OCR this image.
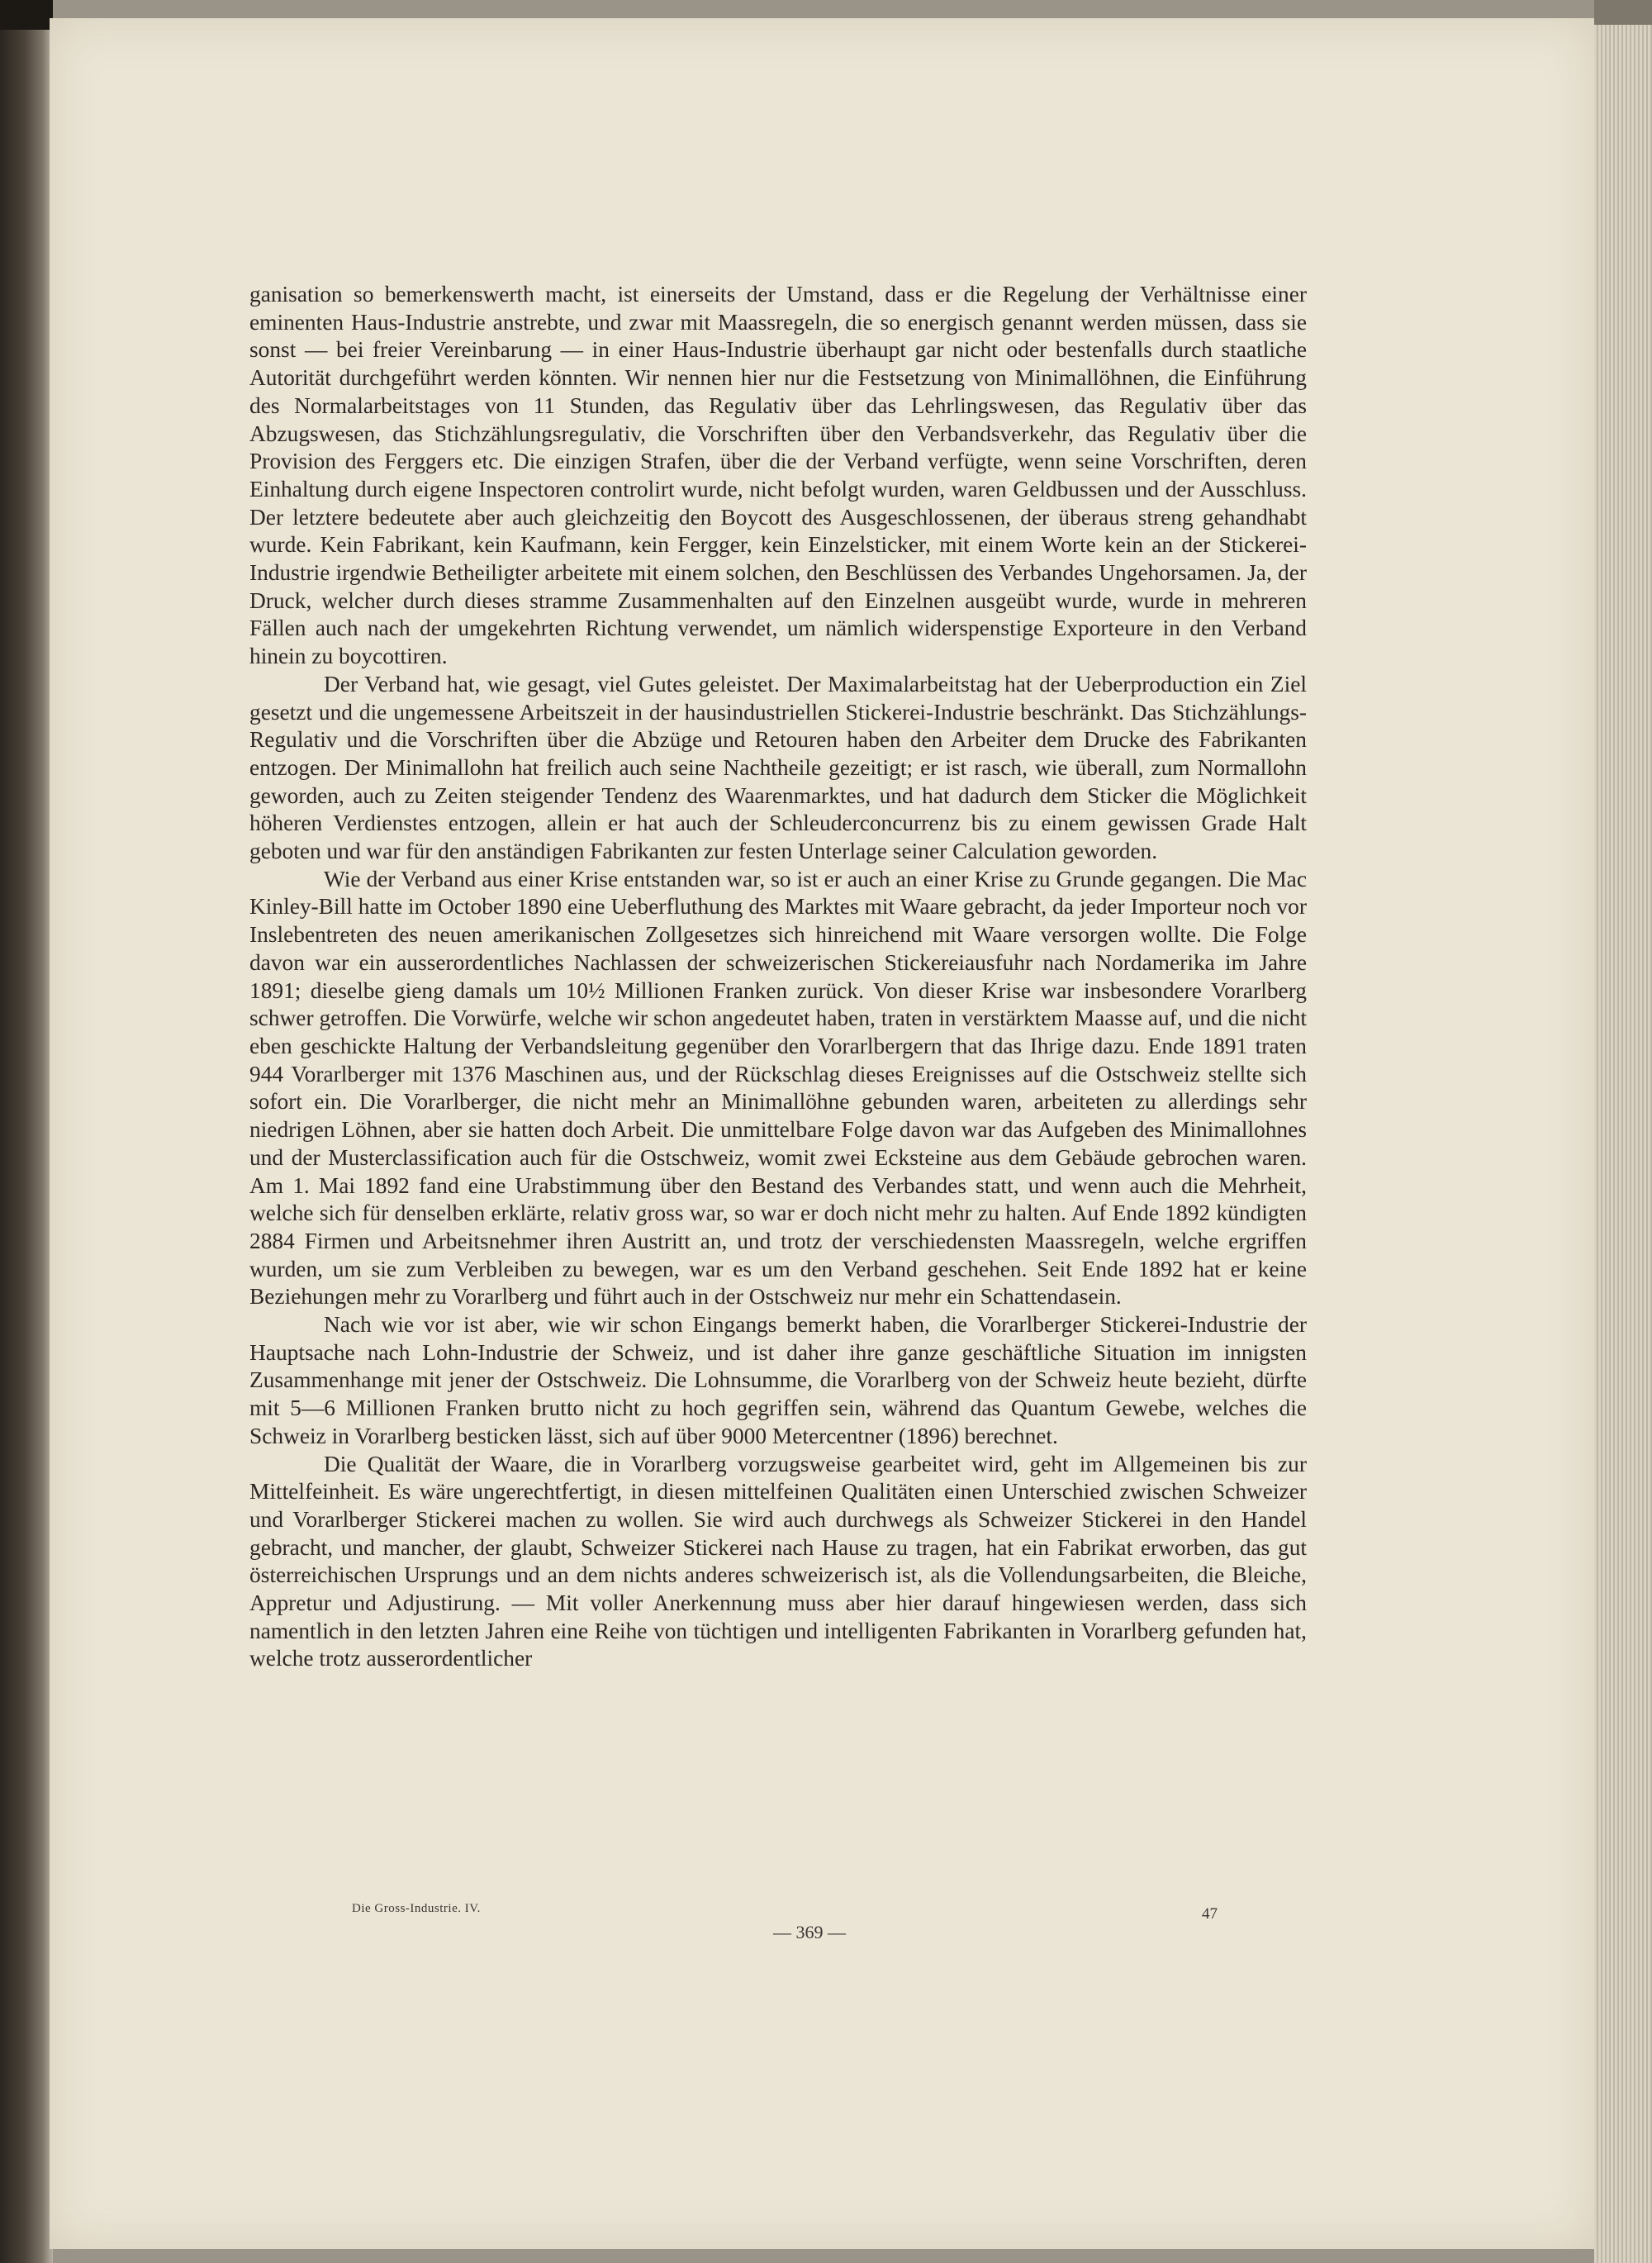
ganisation so bemerkenswerth macht, ist einerseits der Umstand, dass er die Regelung der Verhältnisse einer eminenten Haus-Industrie anstrebte, und zwar mit Maassregeln, die so energisch genannt werden müssen, dass sie sonst — bei freier Vereinbarung — in einer Haus-Industrie überhaupt gar nicht oder bestenfalls durch staatliche Autorität durchgeführt werden könnten. Wir nennen hier nur die Festsetzung von Minimallöhnen, die Einführung des Normalarbeitstages von 11 Stunden, das Regulativ über das Lehrlingswesen, das Regulativ über das Abzugswesen, das Stichzählungsregulativ, die Vorschriften über den Verbandsverkehr, das Regulativ über die Provision des Ferggers etc. Die einzigen Strafen, über die der Verband verfügte, wenn seine Vorschriften, deren Einhaltung durch eigene Inspectoren controlirt wurde, nicht befolgt wurden, waren Geldbussen und der Ausschluss. Der letztere bedeutete aber auch gleichzeitig den Boycott des Ausgeschlossenen, der überaus streng gehandhabt wurde. Kein Fabrikant, kein Kaufmann, kein Fergger, kein Einzelsticker, mit einem Worte kein an der Stickerei-Industrie irgendwie Betheiligter arbeitete mit einem solchen, den Beschlüssen des Verbandes Ungehorsamen. Ja, der Druck, welcher durch dieses stramme Zusammenhalten auf den Einzelnen ausgeübt wurde, wurde in mehreren Fällen auch nach der umgekehrten Richtung verwendet, um nämlich widerspenstige Exporteure in den Verband hinein zu boycottiren.

Der Verband hat, wie gesagt, viel Gutes geleistet. Der Maximalarbeitstag hat der Ueberproduction ein Ziel gesetzt und die ungemessene Arbeitszeit in der hausindustriellen Stickerei-Industrie beschränkt. Das Stichzählungs-Regulativ und die Vorschriften über die Abzüge und Retouren haben den Arbeiter dem Drucke des Fabrikanten entzogen. Der Minimallohn hat freilich auch seine Nachtheile gezeitigt; er ist rasch, wie überall, zum Normallohn geworden, auch zu Zeiten steigender Tendenz des Waarenmarktes, und hat dadurch dem Sticker die Möglichkeit höheren Verdienstes entzogen, allein er hat auch der Schleuderconcurrenz bis zu einem gewissen Grade Halt geboten und war für den anständigen Fabrikanten zur festen Unterlage seiner Calculation geworden.

Wie der Verband aus einer Krise entstanden war, so ist er auch an einer Krise zu Grunde gegangen. Die Mac Kinley-Bill hatte im October 1890 eine Ueberfluthung des Marktes mit Waare gebracht, da jeder Importeur noch vor Inslebentreten des neuen amerikanischen Zollgesetzes sich hinreichend mit Waare versorgen wollte. Die Folge davon war ein ausserordentliches Nachlassen der schweizerischen Stickereiausfuhr nach Nordamerika im Jahre 1891; dieselbe gieng damals um 10½ Millionen Franken zurück. Von dieser Krise war insbesondere Vorarlberg schwer getroffen. Die Vorwürfe, welche wir schon angedeutet haben, traten in verstärktem Maasse auf, und die nicht eben geschickte Haltung der Verbandsleitung gegenüber den Vorarlbergern that das Ihrige dazu. Ende 1891 traten 944 Vorarlberger mit 1376 Maschinen aus, und der Rückschlag dieses Ereignisses auf die Ostschweiz stellte sich sofort ein. Die Vorarlberger, die nicht mehr an Minimallöhne gebunden waren, arbeiteten zu allerdings sehr niedrigen Löhnen, aber sie hatten doch Arbeit. Die unmittelbare Folge davon war das Aufgeben des Minimallohnes und der Musterclassification auch für die Ostschweiz, womit zwei Ecksteine aus dem Gebäude gebrochen waren. Am 1. Mai 1892 fand eine Urabstimmung über den Bestand des Verbandes statt, und wenn auch die Mehrheit, welche sich für denselben erklärte, relativ gross war, so war er doch nicht mehr zu halten. Auf Ende 1892 kündigten 2884 Firmen und Arbeitsnehmer ihren Austritt an, und trotz der verschiedensten Maassregeln, welche ergriffen wurden, um sie zum Verbleiben zu bewegen, war es um den Verband geschehen. Seit Ende 1892 hat er keine Beziehungen mehr zu Vorarlberg und führt auch in der Ostschweiz nur mehr ein Schattendasein.

Nach wie vor ist aber, wie wir schon Eingangs bemerkt haben, die Vorarlberger Stickerei-Industrie der Hauptsache nach Lohn-Industrie der Schweiz, und ist daher ihre ganze geschäftliche Situation im innigsten Zusammenhange mit jener der Ostschweiz. Die Lohnsumme, die Vorarlberg von der Schweiz heute bezieht, dürfte mit 5—6 Millionen Franken brutto nicht zu hoch gegriffen sein, während das Quantum Gewebe, welches die Schweiz in Vorarlberg besticken lässt, sich auf über 9000 Metercentner (1896) berechnet.

Die Qualität der Waare, die in Vorarlberg vorzugsweise gearbeitet wird, geht im Allgemeinen bis zur Mittelfeinheit. Es wäre ungerechtfertigt, in diesen mittelfeinen Qualitäten einen Unterschied zwischen Schweizer und Vorarlberger Stickerei machen zu wollen. Sie wird auch durchwegs als Schweizer Stickerei in den Handel gebracht, und mancher, der glaubt, Schweizer Stickerei nach Hause zu tragen, hat ein Fabrikat erworben, das gut österreichischen Ursprungs und an dem nichts anderes schweizerisch ist, als die Vollendungsarbeiten, die Bleiche, Appretur und Adjustirung. — Mit voller Anerkennung muss aber hier darauf hingewiesen werden, dass sich namentlich in den letzten Jahren eine Reihe von tüchtigen und intelligenten Fabrikanten in Vorarlberg gefunden hat, welche trotz ausserordentlicher

Die Gross-Industrie. IV.	47
— 369 —
